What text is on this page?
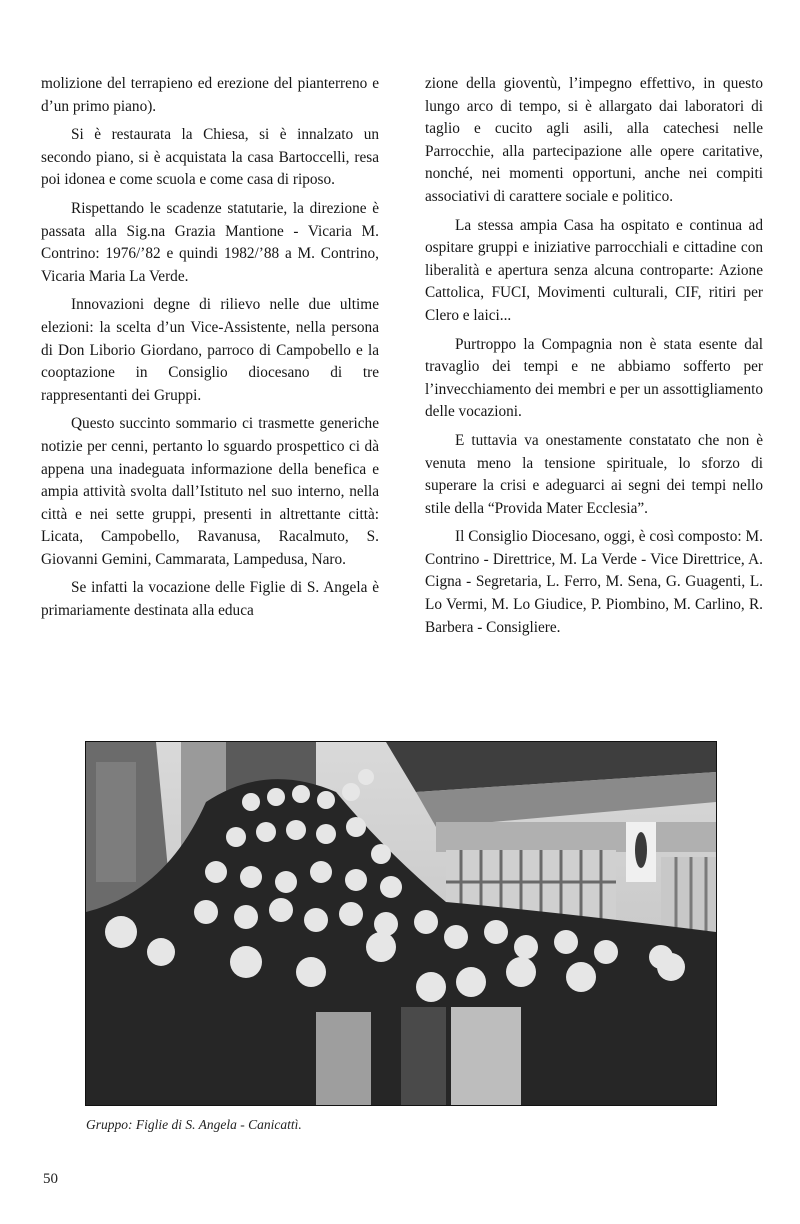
molizione del terrapieno ed erezione del pianterreno e d’un primo piano).

Si è restaurata la Chiesa, si è innalzato un secondo piano, si è acquistata la casa Bartoccelli, resa poi idonea e come scuola e come casa di riposo.

Rispettando le scadenze statutarie, la direzione è passata alla Sig.na Grazia Mantione - Vicaria M. Contrino: 1976/’82 e quindi 1982/’88 a M. Contrino, Vicaria Maria La Verde.

Innovazioni degne di rilievo nelle due ultime elezioni: la scelta d’un Vice-Assistente, nella persona di Don Liborio Giordano, parroco di Campobello e la cooptazione in Consiglio diocesano di tre rappresentanti dei Gruppi.

Questo succinto sommario ci trasmette generiche notizie per cenni, pertanto lo sguardo prospettico ci dà appena una inadeguata informazione della benefica e ampia attività svolta dall’Istituto nel suo interno, nella città e nei sette gruppi, presenti in altrettante città: Licata, Campobello, Ravanusa, Racalmuto, S. Giovanni Gemini, Cammarata, Lampedusa, Naro.

Se infatti la vocazione delle Figlie di S. Angela è primariamente destinata alla educa

zione della gioventù, l’impegno effettivo, in questo lungo arco di tempo, si è allargato dai laboratori di taglio e cucito agli asili, alla catechesi nelle Parrocchie, alla partecipazione alle opere caritative, nonché, nei momenti opportuni, anche nei compiti associativi di carattere sociale e politico.

La stessa ampia Casa ha ospitato e continua ad ospitare gruppi e iniziative parrocchiali e cittadine con liberalità e apertura senza alcuna controparte: Azione Cattolica, FUCI, Movimenti culturali, CIF, ritiri per Clero e laici...

Purtroppo la Compagnia non è stata esente dal travaglio dei tempi e ne abbiamo sofferto per l’invecchiamento dei membri e per un assottigliamento delle vocazioni.

E tuttavia va onestamente constatato che non è venuta meno la tensione spirituale, lo sforzo di superare la crisi e adeguarci ai segni dei tempi nello stile della “Provida Mater Ecclesia”.

Il Consiglio Diocesano, oggi, è così composto: M. Contrino - Direttrice, M. La Verde - Vice Direttrice, A. Cigna - Segretaria, L. Ferro, M. Sena, G. Guagenti, L. Lo Vermi, M. Lo Giudice, P. Piombino, M. Carlino, R. Barbera - Consigliere.

Gruppo: Figlie di S. Angela - Canicattì.
50
